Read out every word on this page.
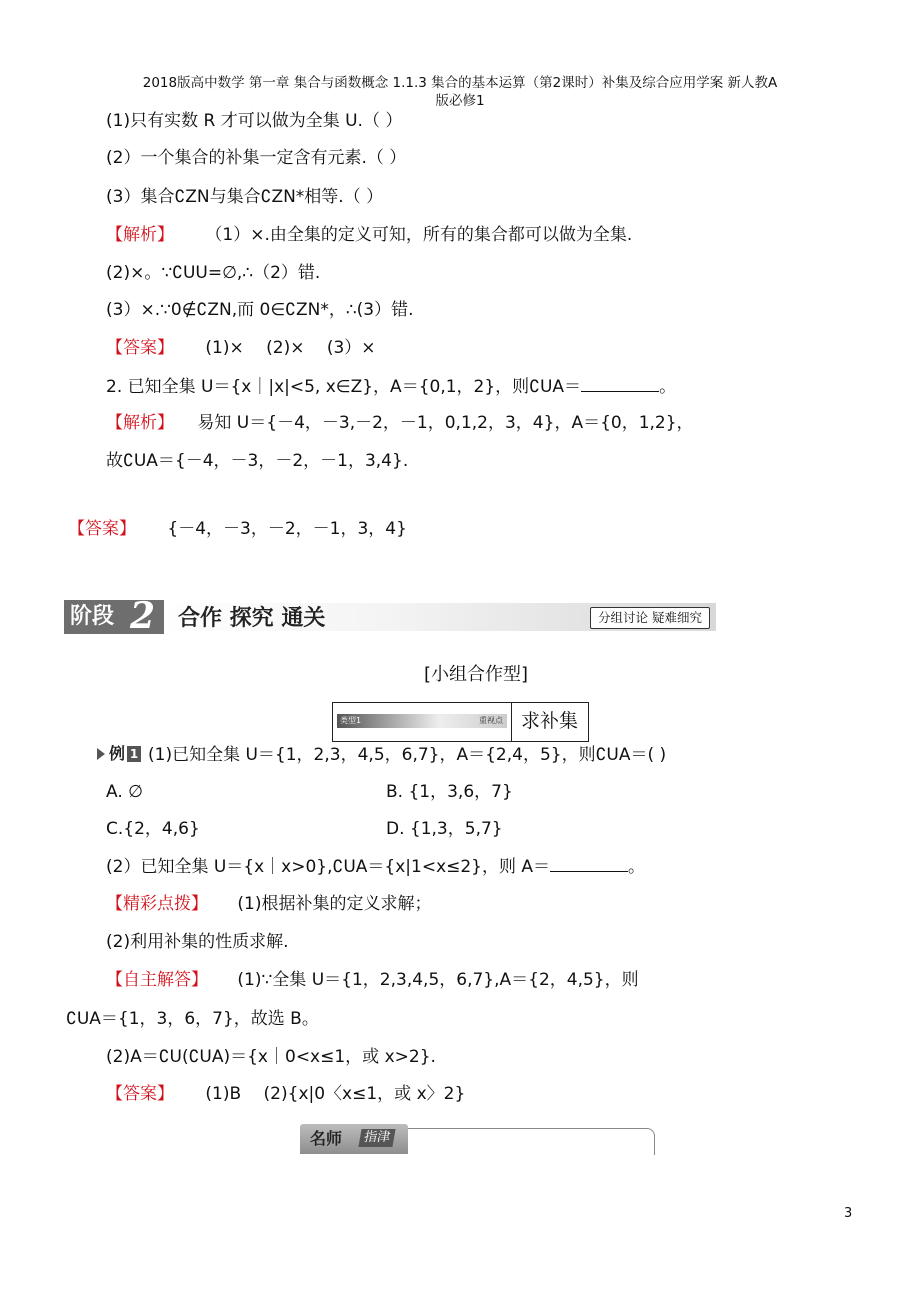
2018版高中数学 第一章 集合与函数概念 1.1.3 集合的基本运算（第2课时）补集及综合应用学案 新人教A
版必修1
(1)只有实数 R 才可以做为全集 U.（ ）
(2）一个集合的补集一定含有元素.（ ）
(3）集合∁ZN与集合∁ZN*相等.（ ）
【解析】 （1）×.由全集的定义可知，所有的集合都可以做为全集.
(2)×。∵∁UU=∅,∴（2）错.
(3）×.∵0∉∁ZN,而 0∈∁ZN*，∴(3）错.
【答案】 (1)×　 (2)×　 (3）×
2. 已知全集 U＝{x｜|x|<5, x∈Z}，A＝{0,1，2}，则∁UA＝	。
【解析】 易知 U＝{－4，－3,－2，－1，0,1,2，3，4}，A＝{0，1,2}，
故∁UA＝{－4，－3，－2，－1，3,4}.
【答案】 {－4，－3，－2，－1，3，4}
阶段 2	合作 探究 通关	分组讨论 疑难细究
[小组合作型]
类型1	重视点 求补集
例 1 (1)已知全集 U＝{1，2,3，4,5，6,7}，A＝{2,4，5}，则∁UA＝( )
A. ∅	B. {1，3,6，7}
C.{2，4,6}	D. {1,3，5,7}
(2）已知全集 U＝{x｜x>0},∁UA＝{x|1<x≤2}，则 A＝	。
【精彩点拨】 (1)根据补集的定义求解；
(2)利用补集的性质求解.
【自主解答】 (1)∵全集 U＝{1，2,3,4,5，6,7},A＝{2，4,5}，则
∁UA＝{1，3，6，7}，故选 B。
(2)A＝∁U(∁UA)＝{x｜0<x≤1，或 x>2}.
【答案】 (1)B　 (2){x|0〈x≤1，或 x〉2}
名师	指津
3
